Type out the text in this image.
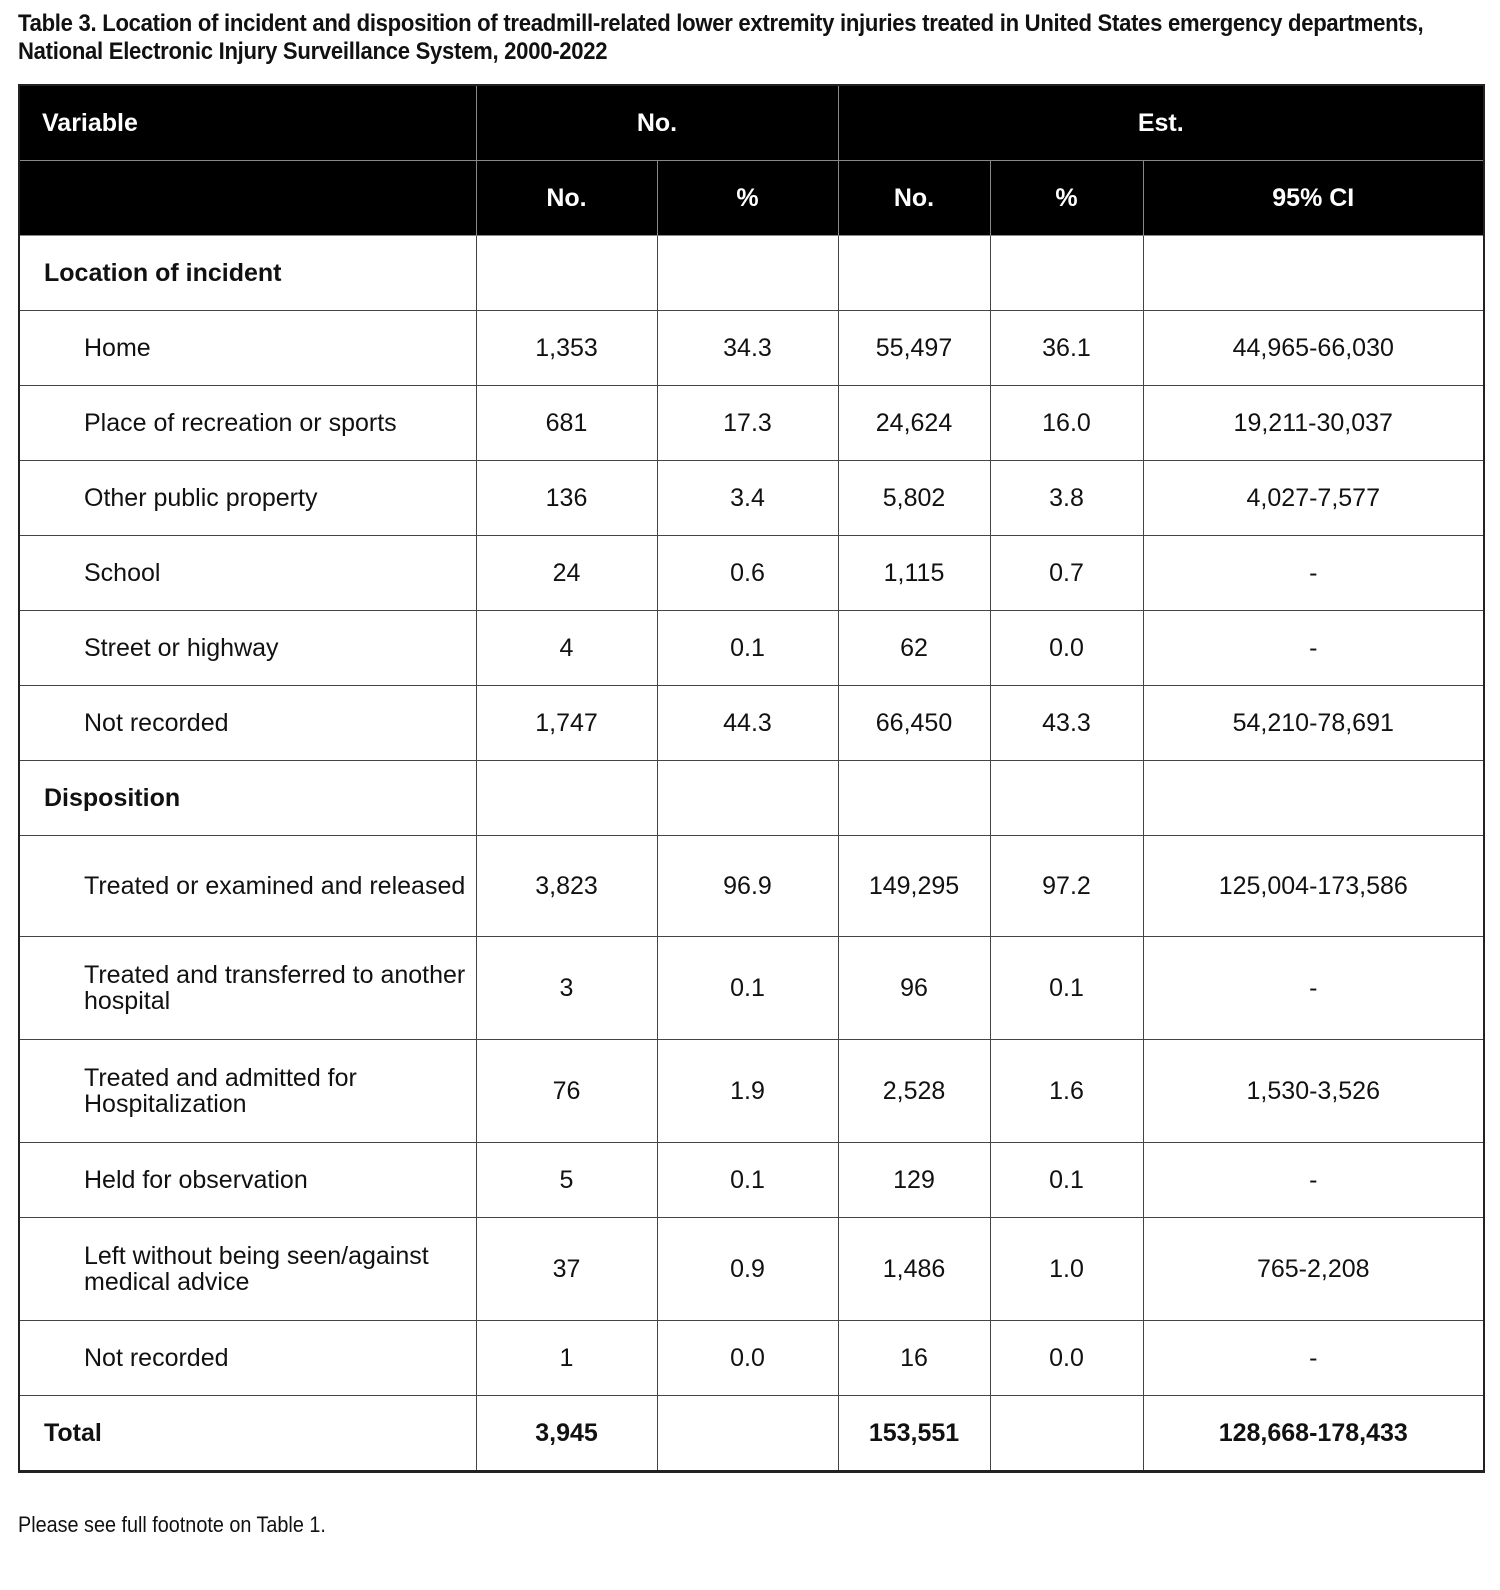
Table 3. Location of incident and disposition of treadmill-related lower extremity injuries treated in United States emergency departments, National Electronic Injury Surveillance System, 2000-2022
Variable	No.		Est.		
	No.	%	No.	%	95% CI
Location of incident					
Home	1,353	34.3	55,497	36.1	44,965-66,030
Place of recreation or sports	681	17.3	24,624	16.0	19,211-30,037
Other public property	136	3.4	5,802	3.8	4,027-7,577
School	24	0.6	1,115	0.7	-
Street or highway	4	0.1	62	0.0	-
Not recorded	1,747	44.3	66,450	43.3	54,210-78,691
Disposition					
Treated or examined and released	3,823	96.9	149,295	97.2	125,004-173,586
Treated and transferred to another hospital	3	0.1	96	0.1	-
Treated and admitted for Hospitalization	76	1.9	2,528	1.6	1,530-3,526
Held for observation	5	0.1	129	0.1	-
Left without being seen/against medical advice	37	0.9	1,486	1.0	765-2,208
Not recorded	1	0.0	16	0.0	-
Total	3,945		153,551		128,668-178,433
Please see full footnote on Table 1.
